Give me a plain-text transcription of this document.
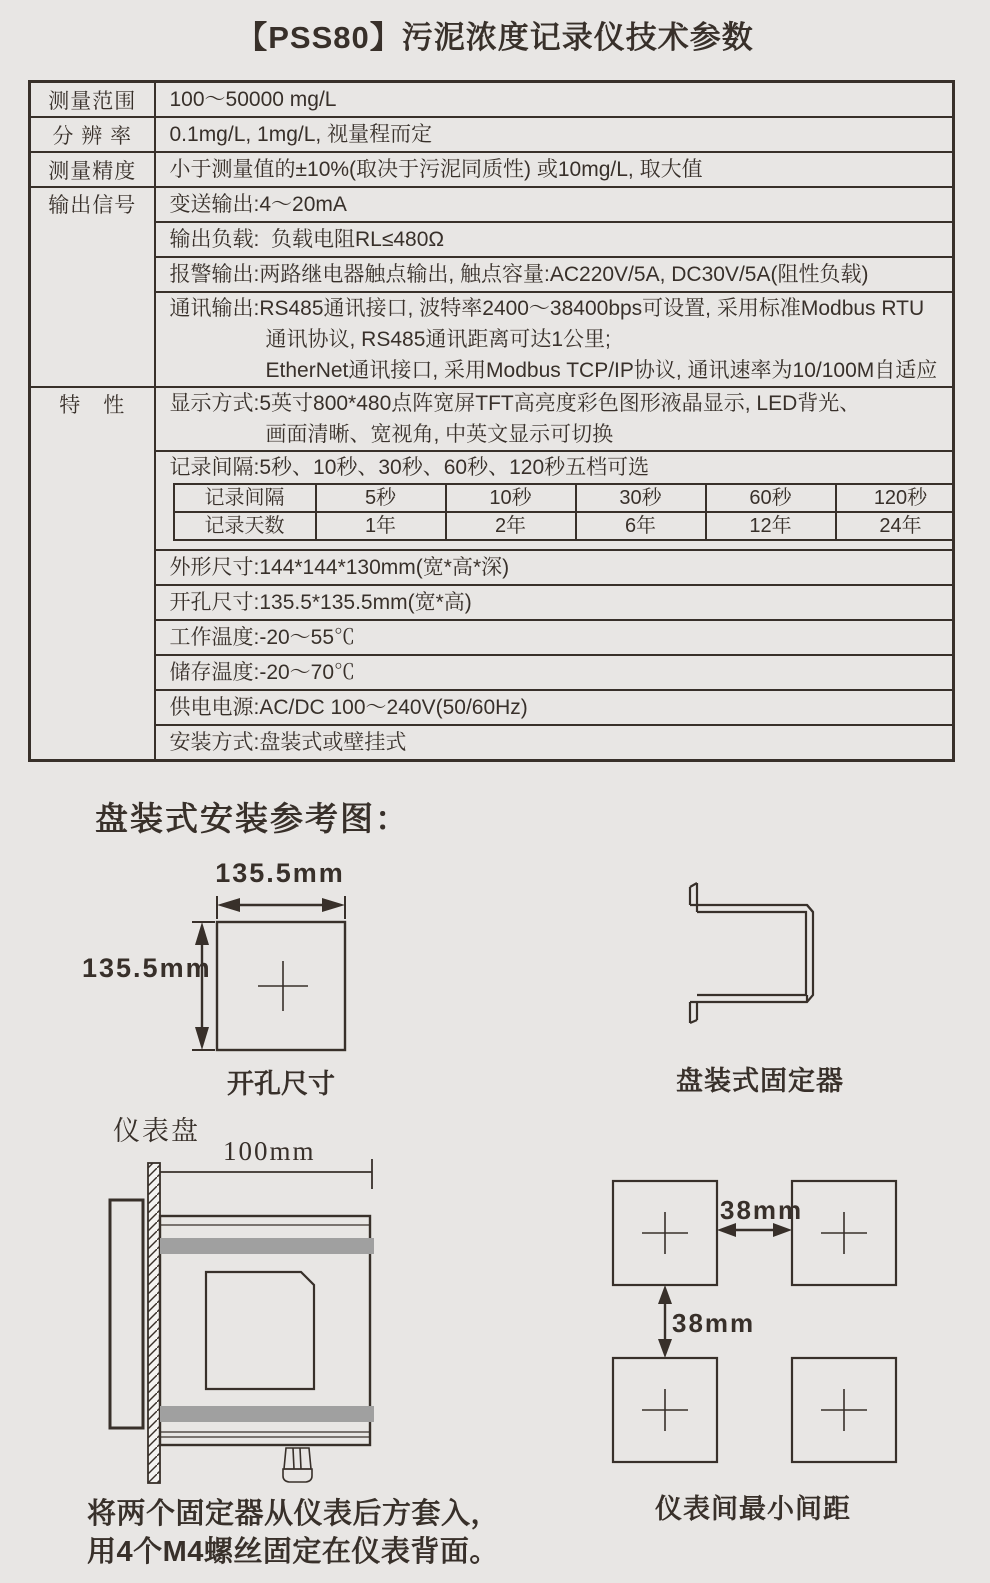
【PSS80】污泥浓度记录仪技术参数
测量范围	100～50000 mg/L

分 辨 率	0.1mg/L, 1mg/L, 视量程而定

测量精度	小于测量值的±10%(取决于污泥同质性) 或10mg/L, 取大值

输出信号	变送输出:4～20mA

输出负载:  负载电阻RL≤480Ω

报警输出:两路继电器触点输出, 触点容量:AC220V/5A, DC30V/5A(阻性负载)

通讯输出:RS485通讯接口, 波特率2400～38400bps可设置, 采用标准Modbus RTU
通讯协议, RS485通讯距离可达1公里;
EtherNet通讯接口, 采用Modbus TCP/IP协议, 通讯速率为10/100M自适应

特　性	显示方式:5英寸800*480点阵宽屏TFT高亮度彩色图形液晶显示, LED背光、
画面清晰、宽视角, 中英文显示可切换

记录间隔:5秒、10秒、30秒、60秒、120秒五档可选
记录间隔	5秒	10秒	30秒	60秒	120秒
记录天数	1年	2年	6年	12年	24年

外形尺寸:144*144*130mm(宽*高*深)

开孔尺寸:135.5*135.5mm(宽*高)

工作温度:-20～55℃

储存温度:-20～70℃

供电电源:AC/DC 100～240V(50/60Hz)

安装方式:盘装式或壁挂式
盘装式安装参考图：
135.5mm
135.5mm
开孔尺寸	盘装式固定器
仪表盘
100mm
将两个固定器从仪表后方套入，
用4个M4螺丝固定在仪表背面。
38mm
38mm
仪表间最小间距
